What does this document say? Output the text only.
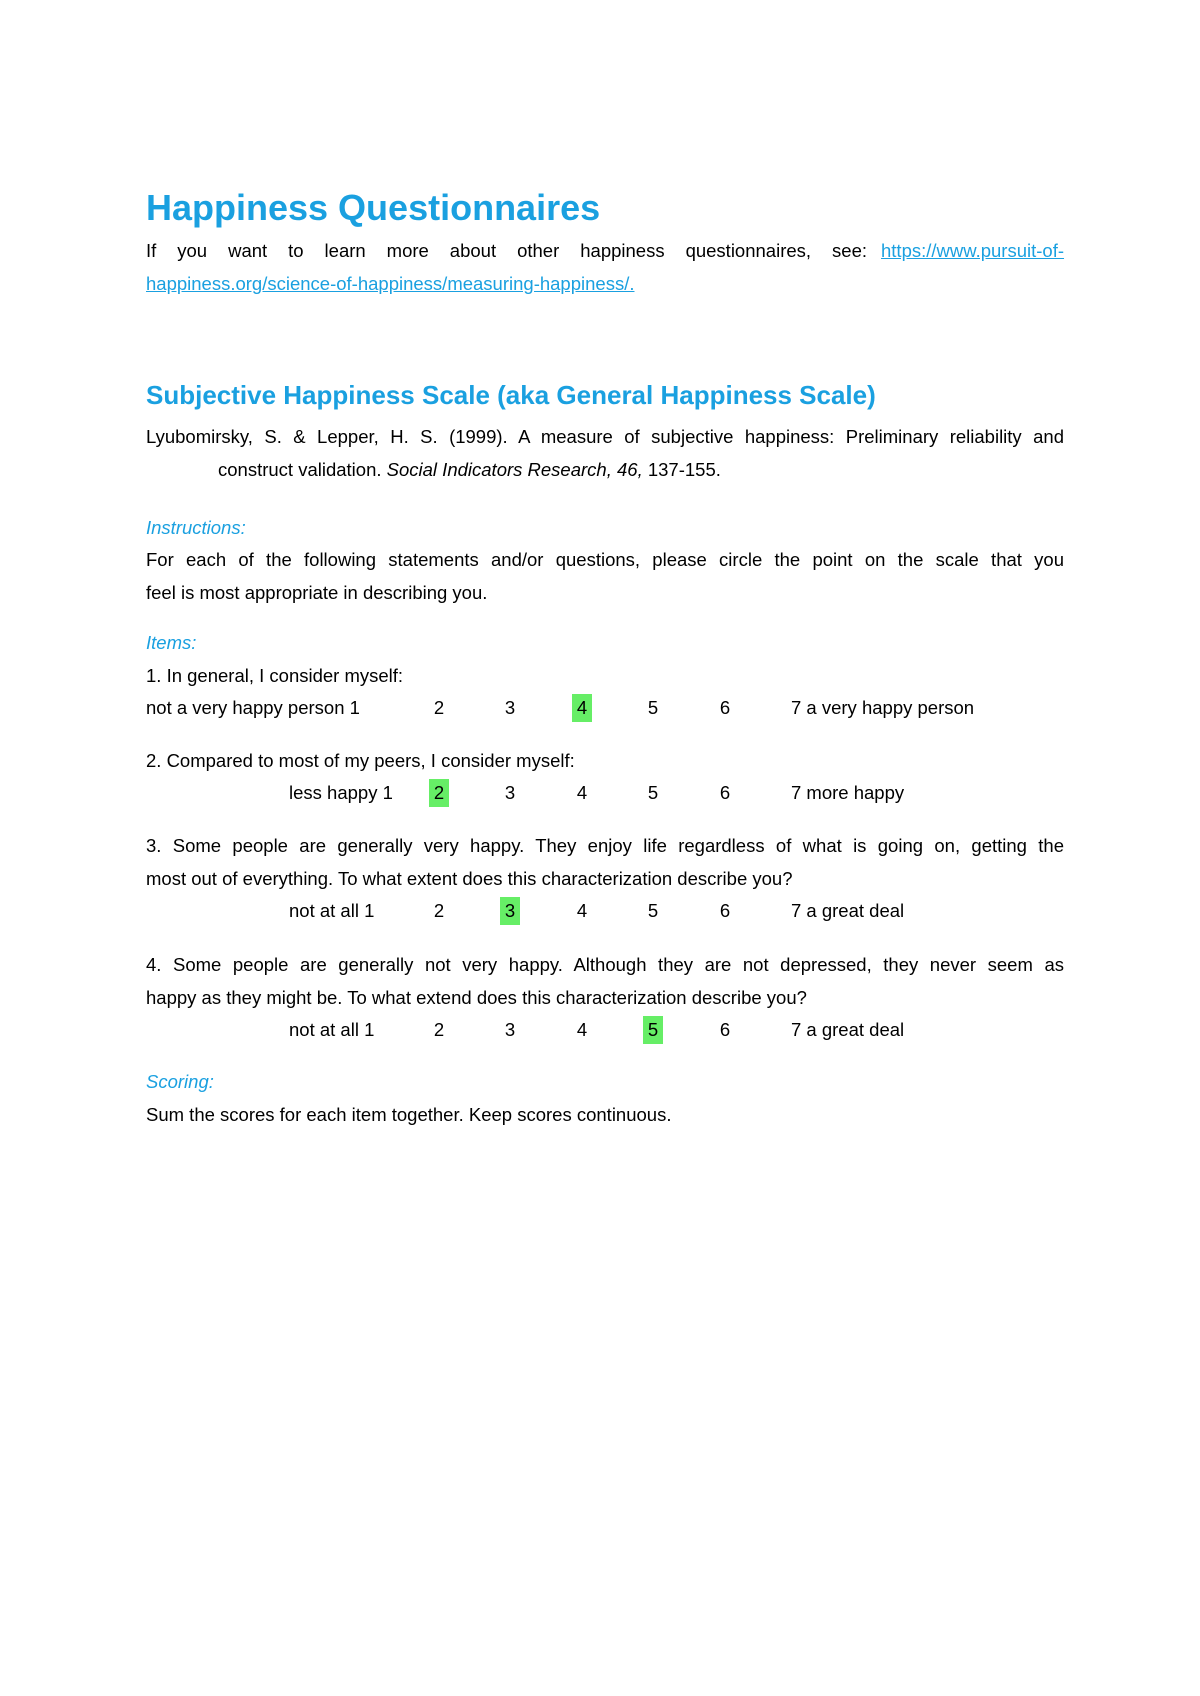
Happiness Questionnaires
If you want to learn more about other happiness questionnaires, see: https://www.pursuit-of-
happiness.org/science-of-happiness/measuring-happiness/.
Subjective Happiness Scale (aka General Happiness Scale)
Lyubomirsky, S. & Lepper, H. S. (1999). A measure of subjective happiness: Preliminary reliability and
construct validation. Social Indicators Research, 46, 137-155.
Instructions:
For each of the following statements and/or questions, please circle the point on the scale that you
feel is most appropriate in describing you.
Items:
1. In general, I consider myself:
not a very happy person 1	2	3	4	5	6	7 a very happy person
2. Compared to most of my peers, I consider myself:
less happy 1 2	3	4	5	6	7 more happy
3. Some people are generally very happy. They enjoy life regardless of what is going on, getting the
most out of everything. To what extent does this characterization describe you?
not at all 1	2	3	4	5	6	7 a great deal
4. Some people are generally not very happy. Although they are not depressed, they never seem as
happy as they might be. To what extend does this characterization describe you?
not at all 1	2	3	4	5	6	7 a great deal
Scoring:
Sum the scores for each item together. Keep scores continuous.
